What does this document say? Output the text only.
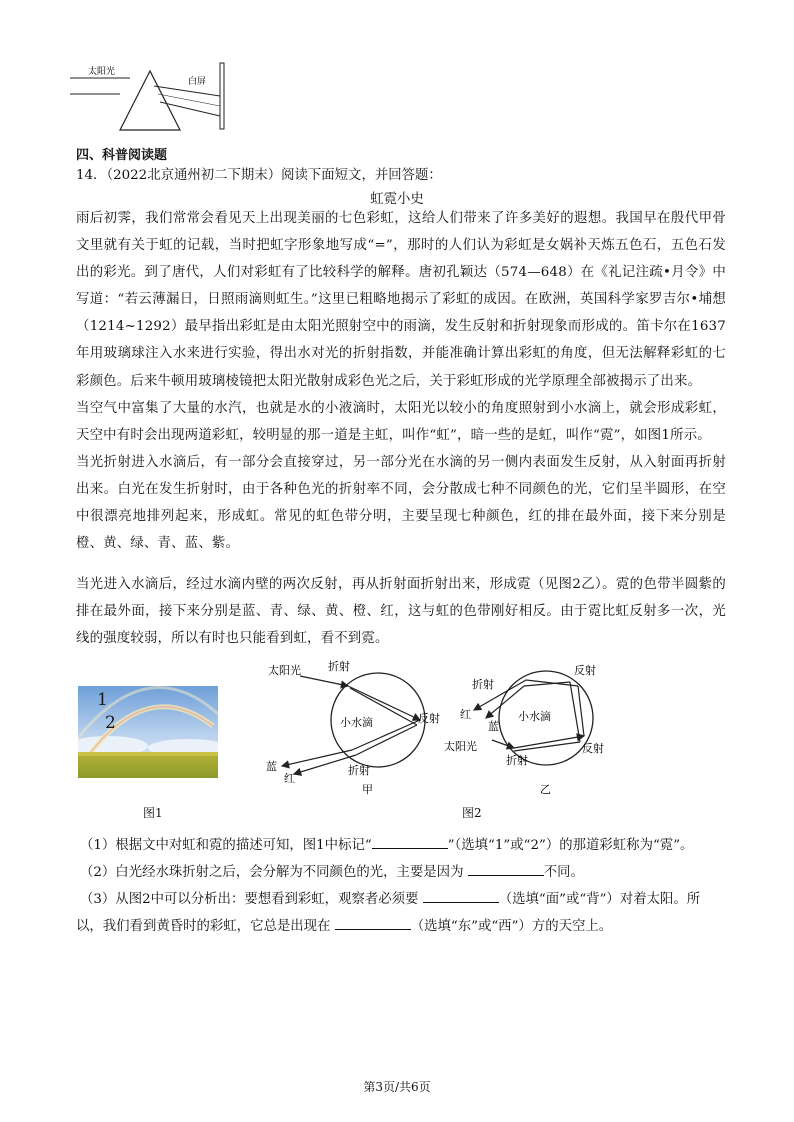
太阳光
白屏
四、科普阅读题
14．（2022北京通州初二下期末）阅读下面短文，并回答题：
虹霓小史
雨后初霁，我们常常会看见天上出现美丽的七色彩虹，这给人们带来了许多美好的遐想。我国早在殷代甲骨文里就有关于虹的记载，当时把虹字形象地写成“=”，那时的人们认为彩虹是女娲补天炼五色石，五色石发出的彩光。到了唐代，人们对彩虹有了比较科学的解释。唐初孔颖达（574—648）在《礼记注疏•月令》中写道：“若云薄漏日，日照雨滴则虹生。”这里已粗略地揭示了彩虹的成因。在欧洲，英国科学家罗吉尔•埔想（1214~1292）最早指出彩虹是由太阳光照射空中的雨滴，发生反射和折射现象而形成的。笛卡尔在1637年用玻璃球注入水来进行实验，得出水对光的折射指数，并能准确计算出彩虹的角度，但无法解释彩虹的七彩颜色。后来牛顿用玻璃棱镜把太阳光散射成彩色光之后，关于彩虹形成的光学原理全部被揭示了出来。
当空气中富集了大量的水汽，也就是水的小液滴时，太阳光以较小的角度照射到小水滴上，就会形成彩虹，天空中有时会出现两道彩虹，较明显的那一道是主虹，叫作“虹”，暗一些的是虹，叫作“霓”，如图1所示。
当光折射进入水滴后，有一部分会直接穿过，另一部分光在水滴的另一侧内表面发生反射，从入射面再折射出来。白光在发生折射时，由于各种色光的折射率不同，会分散成七种不同颜色的光，它们呈半圆形，在空中很漂亮地排列起来，形成虹。常见的虹色带分明，主要呈现七种颜色，红的排在最外面，接下来分别是橙、黄、绿、青、蓝、紫。
当光进入水滴后，经过水滴内壁的两次反射，再从折射面折射出来，形成霓（见图2乙）。霓的色带半圆紫的排在最外面，接下来分别是蓝、青、绿、黄、橙、红，这与虹的色带刚好相反。由于霓比虹反射多一次，光线的强度较弱，所以有时也只能看到虹，看不到霓。
1
2
图1
太阳光 折射
小水滴	反射
蓝
红
折射
甲
反射
折射
红
蓝
小水滴
太阳光
折射
反射
乙
图2
（1）根据文中对虹和霓的描述可知，图1中标记“	”（选填“1”或“2”）的那道彩虹称为“霓”。
（2）白光经水珠折射之后，会分解为不同颜色的光，主要是因为	不同。
（3）从图2中可以分析出：要想看到彩虹，观察者必须要	（选填“面”或“背”）对着太阳。所
以，我们看到黄昏时的彩虹，它总是出现在	（选填“东”或“西”）方的天空上。
第3页/共6页
